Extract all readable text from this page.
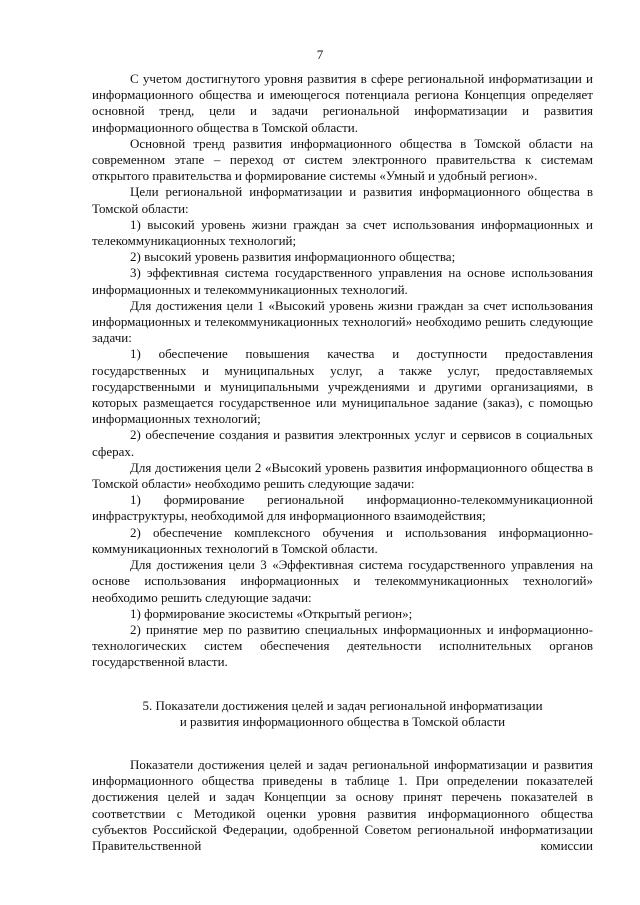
7

С учетом достигнутого уровня развития в сфере региональной информатизации и информационного общества и имеющегося потенциала региона Концепция определяет основной тренд, цели и задачи региональной информатизации и развития информационного общества в Томской области.

Основной тренд развития информационного общества в Томской области на современном этапе – переход от систем электронного правительства к системам открытого правительства и формирование системы «Умный и удобный регион».

Цели региональной информатизации и развития информационного общества в Томской области:

1) высокий уровень жизни граждан за счет использования информационных и телекоммуникационных технологий;

2) высокий уровень развития информационного общества;

3) эффективная система государственного управления на основе использования информационных и телекоммуникационных технологий.

Для достижения цели 1 «Высокий уровень жизни граждан за счет использования информационных и телекоммуникационных технологий» необходимо решить следующие задачи:

1) обеспечение повышения качества и доступности предоставления государственных и муниципальных услуг, а также услуг, предоставляемых государственными и муниципальными учреждениями и другими организациями, в которых размещается государственное или муниципальное задание (заказ), с помощью информационных технологий;

2) обеспечение создания и развития электронных услуг и сервисов в социальных сферах.

Для достижения цели 2 «Высокий уровень развития информационного общества в Томской области» необходимо решить следующие задачи:

1) формирование региональной информационно-телекоммуникационной инфраструктуры, необходимой для информационного взаимодействия;

2) обеспечение комплексного обучения и использования информационно-коммуникационных технологий в Томской области.

Для достижения цели 3 «Эффективная система государственного управления на основе использования информационных и телекоммуникационных технологий» необходимо решить следующие задачи:

1) формирование экосистемы «Открытый регион»;

2) принятие мер по развитию специальных информационных и информационно-технологических систем обеспечения деятельности исполнительных органов государственной власти.

5. Показатели достижения целей и задач региональной информатизации
и развития информационного общества в Томской области

Показатели достижения целей и задач региональной информатизации и развития информационного общества приведены в таблице 1. При определении показателей достижения целей и задач Концепции за основу принят перечень показателей в соответствии с Методикой оценки уровня развития информационного общества субъектов Российской Федерации, одобренной Советом региональной информатизации Правительственной комиссии
